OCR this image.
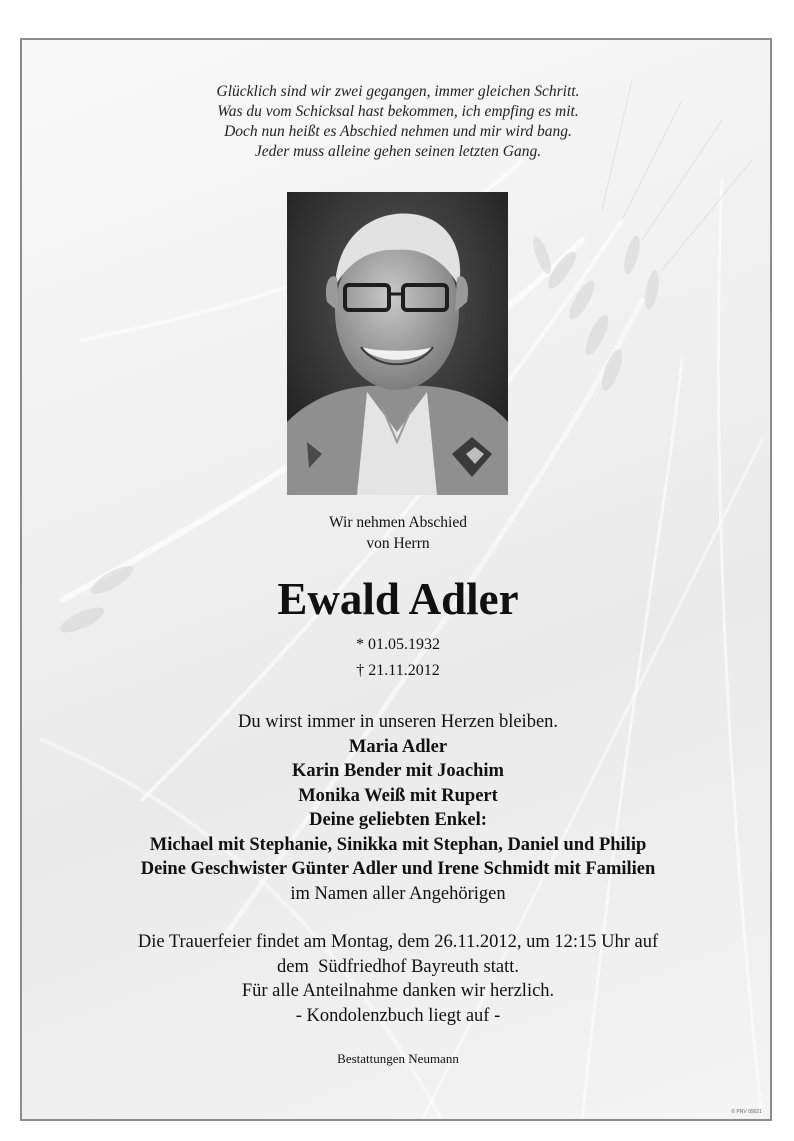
Glücklich sind wir zwei gegangen, immer gleichen Schritt.
Was du vom Schicksal hast bekommen, ich empfing es mit.
Doch nun heißt es Abschied nehmen und mir wird bang.
Jeder muss alleine gehen seinen letzten Gang.
Wir nehmen Abschied
von Herrn
Ewald Adler
* 01.05.1932
† 21.11.2012
Du wirst immer in unseren Herzen bleiben.
Maria Adler
Karin Bender mit Joachim
Monika Weiß mit Rupert
Deine geliebten Enkel:
Michael mit Stephanie, Sinikka mit Stephan, Daniel und Philip
Deine Geschwister Günter Adler und Irene Schmidt mit Familien
im Namen aller Angehörigen
Die Trauerfeier findet am Montag, dem 26.11.2012, um 12:15 Uhr auf
dem  Südfriedhof Bayreuth statt.
Für alle Anteilnahme danken wir herzlich.
- Kondolenzbuch liegt auf -
Bestattungen Neumann
© PNV 09021
